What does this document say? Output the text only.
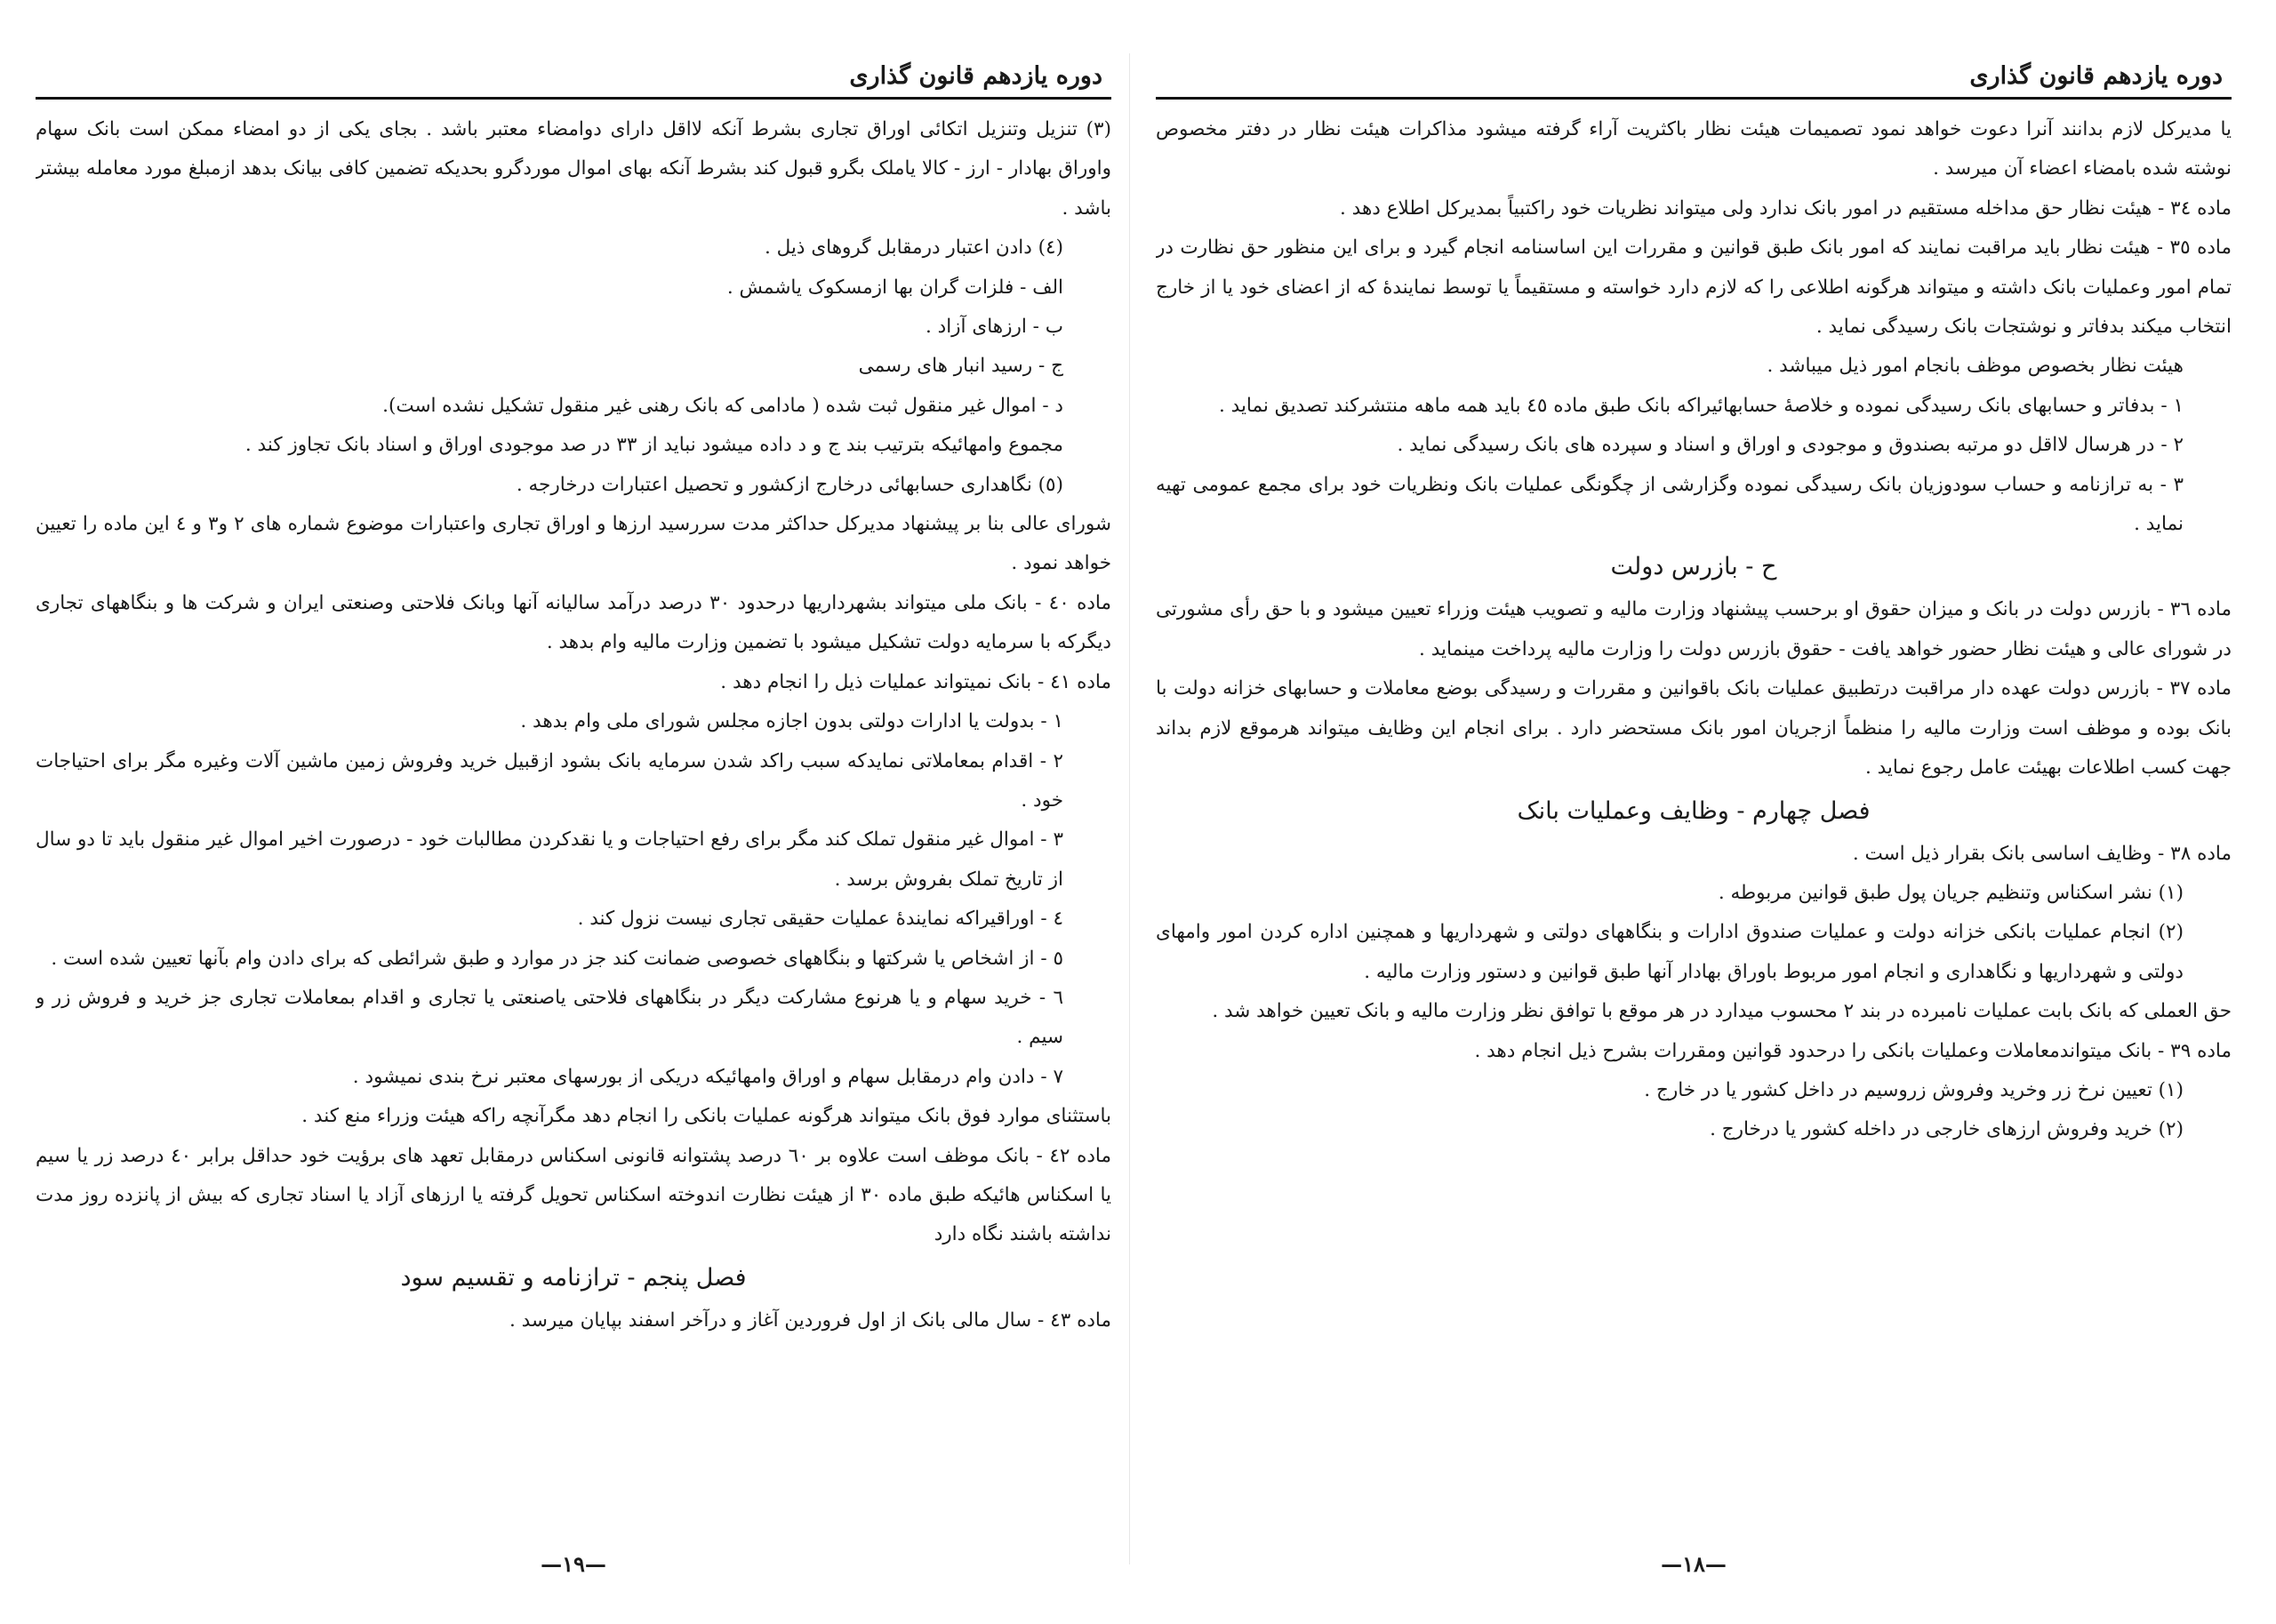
دوره یازدهم قانون گذاری

(۳) تنزیل وتنزیل اتکائی اوراق تجاری بشرط آنکه لااقل دارای دوامضاء معتبر باشد . بجای یکی از دو امضاء ممکن است بانک سهام واوراق بهادار - ارز - کالا یاملک بگرو قبول کند بشرط آنکه بهای اموال موردگرو بحدیکه تضمین کافی بیانک بدهد ازمبلغ مورد معامله بیشتر باشد .

(٤) دادن اعتبار درمقابل گروهای ذیل .

الف - فلزات گران بها ازمسکوک یاشمش .

ب - ارزهای آزاد .

ج - رسید انبار های رسمی

د - اموال غیر منقول ثبت شده ( مادامی که بانک رهنی غیر منقول تشکیل نشده است).

مجموع وامهائیکه بترتیب بند ج و د داده میشود نباید از ۳۳ در صد موجودی اوراق و اسناد بانک تجاوز کند .

(٥) نگاهداری حسابهائی درخارج ازکشور و تحصیل اعتبارات درخارجه .

شورای عالی بنا بر پیشنهاد مدیرکل حداکثر مدت سررسید ارزها و اوراق تجاری واعتبارات موضوع شماره های ۲ و۳ و ٤ این ماده را تعیین خواهد نمود .

ماده ٤۰ - بانک ملی میتواند بشهرداریها درحدود ۳۰ درصد درآمد سالیانه آنها وبانک فلاحتی وصنعتی ایران و شرکت ها و بنگاههای تجاری دیگرکه با سرمایه دولت تشکیل میشود با تضمین وزارت مالیه وام بدهد .

ماده ٤۱ - بانک نمیتواند عملیات ذیل را انجام دهد .

۱ - بدولت یا ادارات دولتی بدون اجازه مجلس شورای ملی وام بدهد .

۲ - اقدام بمعاملاتی نمایدکه سبب راکد شدن سرمایه بانک بشود ازقبیل خرید وفروش زمین ماشین آلات وغیره مگر برای احتیاجات خود .

۳ - اموال غیر منقول تملک کند مگر برای رفع احتیاجات و یا نقدکردن مطالبات خود - درصورت اخیر اموال غیر منقول باید تا دو سال از تاریخ تملک بفروش برسد .

٤ - اوراقیراکه نمایندهٔ عملیات حقیقی تجاری نیست نزول کند .

٥ - از اشخاص یا شرکتها و بنگاههای خصوصی ضمانت کند جز در موارد و طبق شرائطی که برای دادن وام بآنها تعیین شده است .

٦ - خرید سهام و یا هرنوع مشارکت دیگر در بنگاههای فلاحتی یاصنعتی یا تجاری و اقدام بمعاملات تجاری جز خرید و فروش زر و سیم .

۷ - دادن وام درمقابل سهام و اوراق وامهائیکه دریکی از بورسهای معتبر نرخ بندی نمیشود .

باستثنای موارد فوق بانک میتواند هرگونه عملیات بانکی را انجام دهد مگرآنچه راکه هیئت وزراء منع کند .

ماده ٤۲ - بانک موظف است علاوه بر ٦۰ درصد پشتوانه قانونی اسکناس درمقابل تعهد های برؤیت خود حداقل برابر ٤۰ درصد زر یا سیم یا اسکناس هائیکه طبق ماده ۳۰ از هیئت نظارت اندوخته اسکناس تحویل گرفته یا ارزهای آزاد یا اسناد تجاری که بیش از پانزده روز مدت نداشته باشند نگاه دارد

فصل پنجم - ترازنامه و تقسیم سود

ماده ٤۳ - سال مالی بانک از اول فروردین آغاز و درآخر اسفند بپایان میرسد .

—۱۹—
دوره یازدهم قانون گذاری

یا مدیرکل لازم بدانند آنرا دعوت خواهد نمود تصمیمات هیئت نظار باکثریت آراء گرفته میشود مذاکرات هیئت نظار در دفتر مخصوص نوشته شده بامضاء اعضاء آن میرسد .

ماده ۳٤ - هیئت نظار حق مداخله مستقیم در امور بانک ندارد ولی میتواند نظریات خود راکتبیاً بمدیرکل اطلاع دهد .

ماده ۳٥ - هیئت نظار باید مراقبت نمایند که امور بانک طبق قوانین و مقررات این اساسنامه انجام گیرد و برای این منظور حق نظارت در تمام امور وعملیات بانک داشته و میتواند هرگونه اطلاعی را که لازم دارد خواسته و مستقیماً یا توسط نمایندهٔ که از اعضای خود یا از خارج انتخاب میکند بدفاتر و نوشتجات بانک رسیدگی نماید .

هیئت نظار بخصوص موظف بانجام امور ذیل میباشد .

۱ - بدفاتر و حسابهای بانک رسیدگی نموده و خلاصهٔ حسابهائیراکه بانک طبق ماده ٤٥ باید همه ماهه منتشرکند تصدیق نماید .

۲ - در هرسال لااقل دو مرتبه بصندوق و موجودی و اوراق و اسناد و سپرده های بانک رسیدگی نماید .

۳ - به ترازنامه و حساب سودوزیان بانک رسیدگی نموده وگزارشی از چگونگی عملیات بانک ونظریات خود برای مجمع عمومی تهیه نماید .

ح - بازرس دولت

ماده ۳٦ - بازرس دولت در بانک و میزان حقوق او برحسب پیشنهاد وزارت مالیه و تصویب هیئت وزراء تعیین میشود و با حق رأی مشورتی در شورای عالی و هیئت نظار حضور خواهد یافت - حقوق بازرس دولت را وزارت مالیه پرداخت مینماید .

ماده ۳۷ - بازرس دولت عهده دار مراقبت درتطبیق عملیات بانک باقوانین و مقررات و رسیدگی بوضع معاملات و حسابهای خزانه دولت با بانک بوده و موظف است وزارت مالیه را منظماً ازجریان امور بانک مستحضر دارد . برای انجام این وظایف میتواند هرموقع لازم بداند جهت کسب اطلاعات بهیئت عامل رجوع نماید .

فصل چهارم - وظایف وعملیات بانک

ماده ۳۸ - وظایف اساسی بانک بقرار ذیل است .

(۱) نشر اسکناس وتنظیم جریان پول طبق قوانین مربوطه .

(۲) انجام عملیات بانکی خزانه دولت و عملیات صندوق ادارات و بنگاههای دولتی و شهرداریها و همچنین اداره کردن امور وامهای دولتی و شهرداریها و نگاهداری و انجام امور مربوط باوراق بهادار آنها طبق قوانین و دستور وزارت مالیه .

حق العملی که بانک بابت عملیات نامبرده در بند ۲ محسوب میدارد در هر موقع با توافق نظر وزارت مالیه و بانک تعیین خواهد شد .

ماده ۳۹ - بانک میتواندمعاملات وعملیات بانکی را درحدود قوانین ومقررات بشرح ذیل انجام دهد .

(۱) تعیین نرخ زر وخرید وفروش زروسیم در داخل کشور یا در خارج .

(۲) خرید وفروش ارزهای خارجی در داخله کشور یا درخارج .

—۱۸—
